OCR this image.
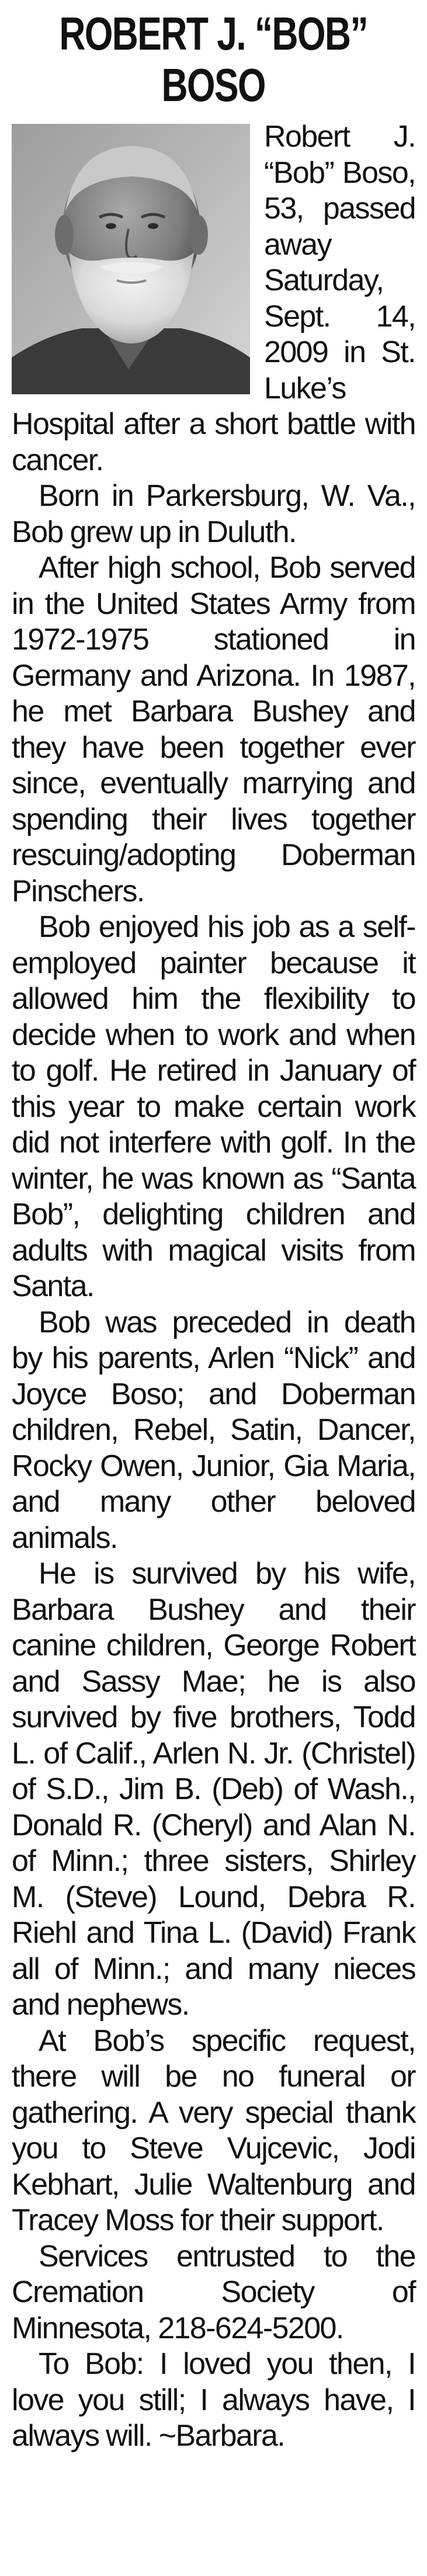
ROBERT J. “BOB”
BOSO

Robert J. “Bob” Boso, 53, passed away Saturday, Sept. 14, 2009 in St. Luke’s Hospital after a short battle with cancer.

Born in Parkersburg, W. Va., Bob grew up in Duluth.

After high school, Bob served in the United States Army from 1972-1975 stationed in Germany and Arizona. In 1987, he met Barbara Bushey and they have been together ever since, eventually marrying and spending their lives together rescuing/adopting Doberman Pinschers.

Bob enjoyed his job as a self-employed painter because it allowed him the flexibility to decide when to work and when to golf. He retired in January of this year to make certain work did not interfere with golf. In the winter, he was known as “Santa Bob”, delighting children and adults with magical visits from Santa.

Bob was preceded in death by his parents, Arlen “Nick” and Joyce Boso; and Doberman children, Rebel, Satin, Dancer, Rocky Owen, Junior, Gia Maria, and many other beloved animals.

He is survived by his wife, Barbara Bushey and their canine children, George Robert and Sassy Mae; he is also survived by five brothers, Todd L. of Calif., Arlen N. Jr. (Christel) of S.D., Jim B. (Deb) of Wash., Donald R. (Cheryl) and Alan N. of Minn.; three sisters, Shirley M. (Steve) Lound, Debra R. Riehl and Tina L. (David) Frank all of Minn.; and many nieces and nephews.

At Bob’s specific request, there will be no funeral or gathering. A very special thank you to Steve Vujcevic, Jodi Kebhart, Julie Waltenburg and Tracey Moss for their support.

Services entrusted to the Cremation Society of Minnesota, 218-624-5200.

To Bob: I loved you then, I love you still; I always have, I always will. ~Barbara.
